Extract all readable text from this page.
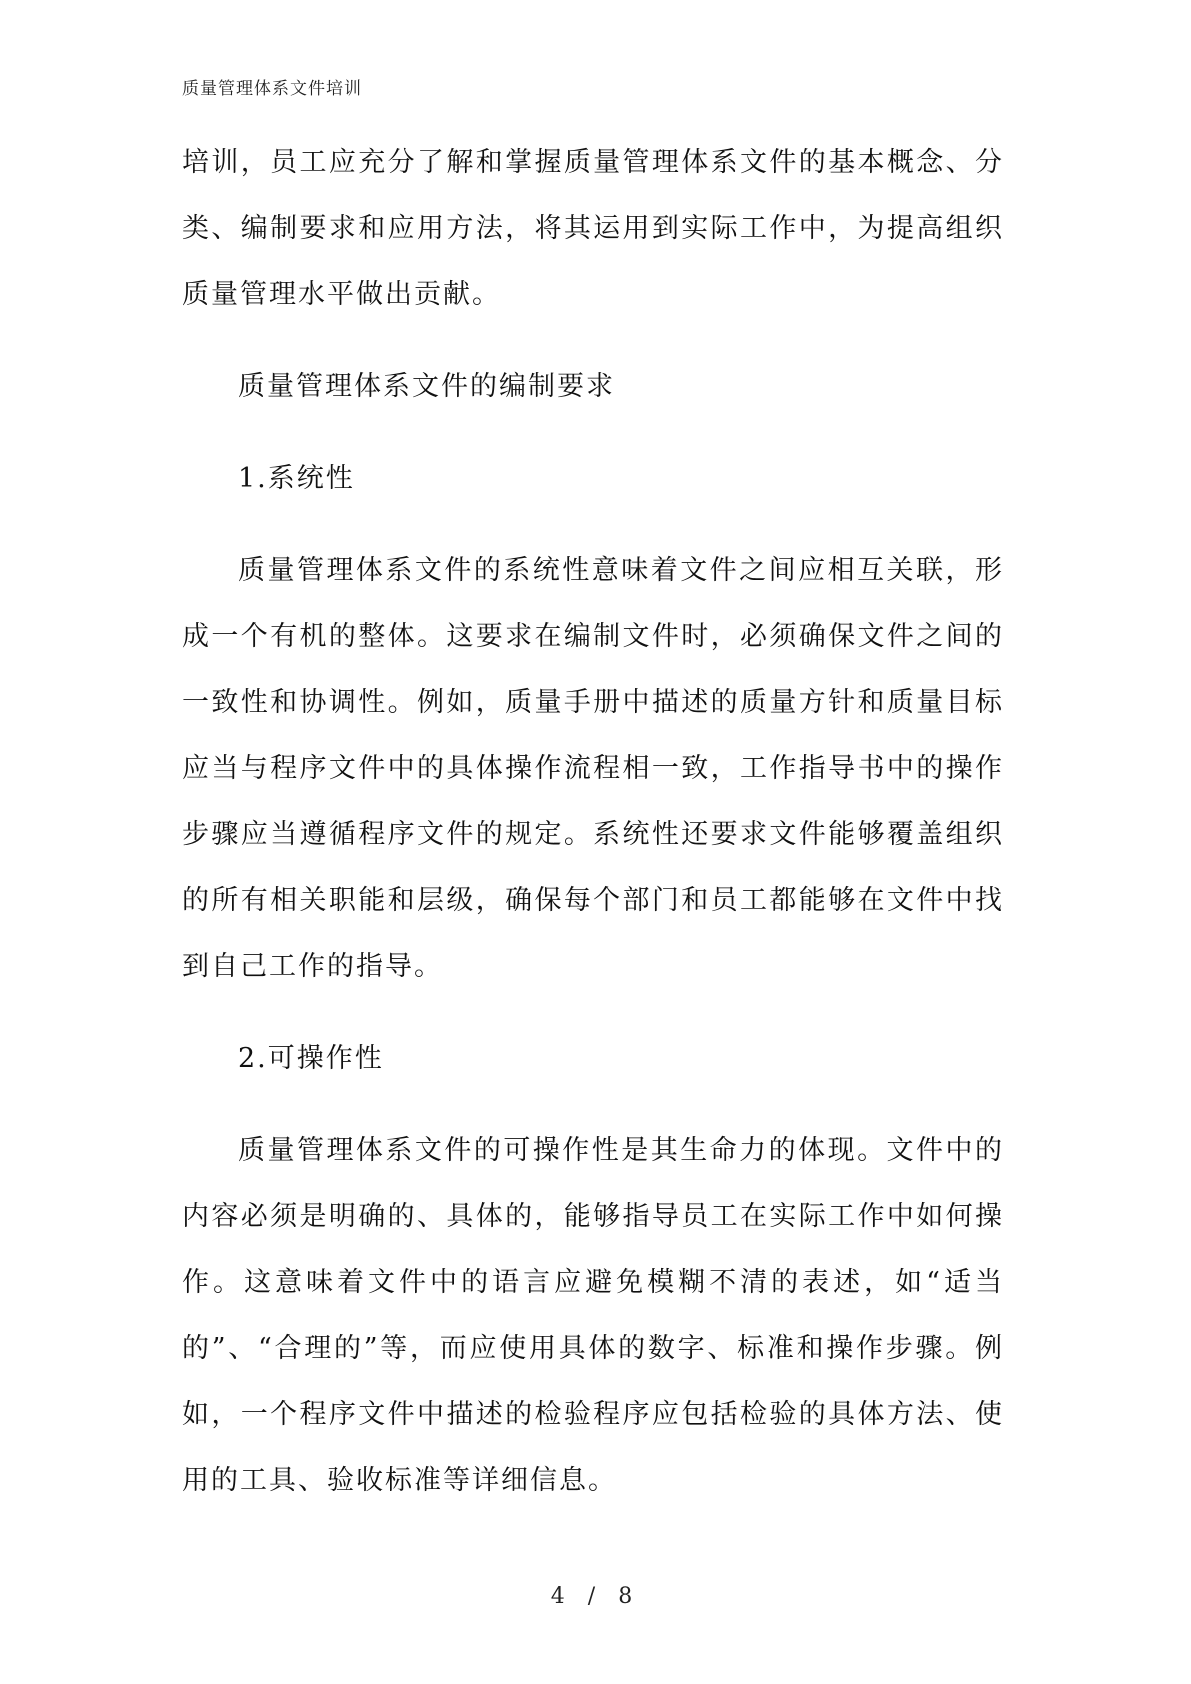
质量管理体系文件培训

培训，员工应充分了解和掌握质量管理体系文件的基本概念、分类、编制要求和应用方法，将其运用到实际工作中，为提高组织质量管理水平做出贡献。

质量管理体系文件的编制要求

1.系统性

质量管理体系文件的系统性意味着文件之间应相互关联，形成一个有机的整体。这要求在编制文件时，必须确保文件之间的一致性和协调性。例如，质量手册中描述的质量方针和质量目标应当与程序文件中的具体操作流程相一致，工作指导书中的操作步骤应当遵循程序文件的规定。系统性还要求文件能够覆盖组织的所有相关职能和层级，确保每个部门和员工都能够在文件中找到自己工作的指导。

2.可操作性

质量管理体系文件的可操作性是其生命力的体现。文件中的内容必须是明确的、具体的，能够指导员工在实际工作中如何操作。这意味着文件中的语言应避免模糊不清的表述，如“适当的”、“合理的”等，而应使用具体的数字、标准和操作步骤。例如，一个程序文件中描述的检验程序应包括检验的具体方法、使用的工具、验收标准等详细信息。

4 / 8
